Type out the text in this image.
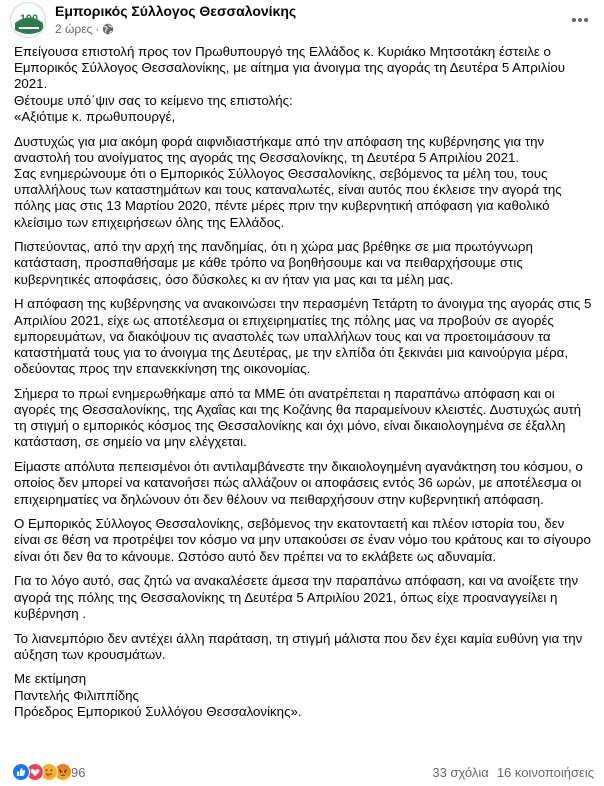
100 Εμπορικός Σύλλογος Θεσσαλονίκης
2 ώρες ·

Επείγουσα επιστολή προς τον Πρωθυπουργό της Ελλάδος κ. Κυριάκο Μητσοτάκη έστειλε ο Εμπορικός Σύλλογος Θεσσαλονίκης, με αίτημα για άνοιγμα της αγοράς τη Δευτέρα 5 Απριλίου 2021.
Θέτουμε υπό΄ψιν σας το κείμενο της επιστολής:
«Αξιότιμε κ. πρωθυπουργέ,

Δυστυχώς για μια ακόμη φορά αιφνιδιαστήκαμε από την απόφαση της κυβέρνησης για την αναστολή του ανοίγματος της αγοράς της Θεσσαλονίκης, τη Δευτέρα 5 Απριλίου 2021.
Σας ενημερώνουμε ότι ο Εμπορικός Σύλλογος Θεσσαλονίκης, σεβόμενος τα μέλη του, τους υπαλλήλους των καταστημάτων και τους καταναλωτές, είναι αυτός που έκλεισε την αγορά της πόλης μας στις 13 Μαρτίου 2020, πέντε μέρες πριν την κυβερνητική απόφαση για καθολικό κλείσιμο των επιχειρήσεων όλης της Ελλάδος.

Πιστεύοντας, από την αρχή της πανδημίας, ότι η χώρα μας βρέθηκε σε μια πρωτόγνωρη κατάσταση, προσπαθήσαμε με κάθε τρόπο να βοηθήσουμε και να πειθαρχήσουμε στις κυβερνητικές αποφάσεις, όσο δύσκολες κι αν ήταν για μας και τα μέλη μας.

Η απόφαση της κυβέρνησης να ανακοινώσει την περασμένη Τετάρτη το άνοιγμα της αγοράς στις 5 Απριλίου 2021, είχε ως αποτέλεσμα οι επιχειρηματίες της πόλης μας να προβούν σε αγορές εμπορευμάτων, να διακόψουν τις αναστολές των υπαλλήλων τους και να προετοιμάσουν τα καταστήματά τους για το άνοιγμα της Δευτέρας, με την ελπίδα ότι ξεκινάει μια καινούργια μέρα, οδεύοντας προς την επανεκκίνηση της οικονομίας.

Σήμερα το πρωί ενημερωθήκαμε από τα ΜΜΕ ότι ανατρέπεται η παραπάνω απόφαση και οι αγορές της Θεσσαλονίκης, της Αχαΐας και της Κοζάνης θα παραμείνουν κλειστές. Δυστυχώς αυτή τη στιγμή ο εμπορικός κόσμος της Θεσσαλονίκης και όχι μόνο, είναι δικαιολογημένα σε έξαλλη κατάσταση, σε σημείο να μην ελέγχεται.

Είμαστε απόλυτα πεπεισμένοι ότι αντιλαμβάνεστε την δικαιολογημένη αγανάκτηση του κόσμου, ο οποίος δεν μπορεί να κατανοήσει πώς αλλάζουν οι αποφάσεις εντός 36 ωρών, με αποτέλεσμα οι επιχειρηματίες να δηλώνουν ότι δεν θέλουν να πειθαρχήσουν στην κυβερνητική απόφαση.

Ο Εμπορικός Σύλλογος Θεσσαλονίκης, σεβόμενος την εκατονταετή και πλέον ιστορία του, δεν είναι σε θέση να προτρέψει τον κόσμο να μην υπακούσει σε έναν νόμο του κράτους και το σίγουρο είναι ότι δεν θα το κάνουμε. Ωστόσο αυτό δεν πρέπει να το εκλάβετε ως αδυναμία.

Για το λόγο αυτό, σας ζητώ να ανακαλέσετε άμεσα την παραπάνω απόφαση, και να ανοίξετε την αγορά της πόλης της Θεσσαλονίκης τη Δευτέρα 5 Απριλίου 2021, όπως είχε προαναγγείλει η κυβέρνηση .

Το λιανεμπόριο δεν αντέχει άλλη παράταση, τη στιγμή μάλιστα που δεν έχει καμία ευθύνη για την αύξηση των κρουσμάτων.

Με εκτίμηση
Παντελής Φιλιππίδης
Πρόεδρος Εμπορικού Συλλόγου Θεσσαλονίκης».

96	33 σχόλια 16 κοινοποιήσεις
